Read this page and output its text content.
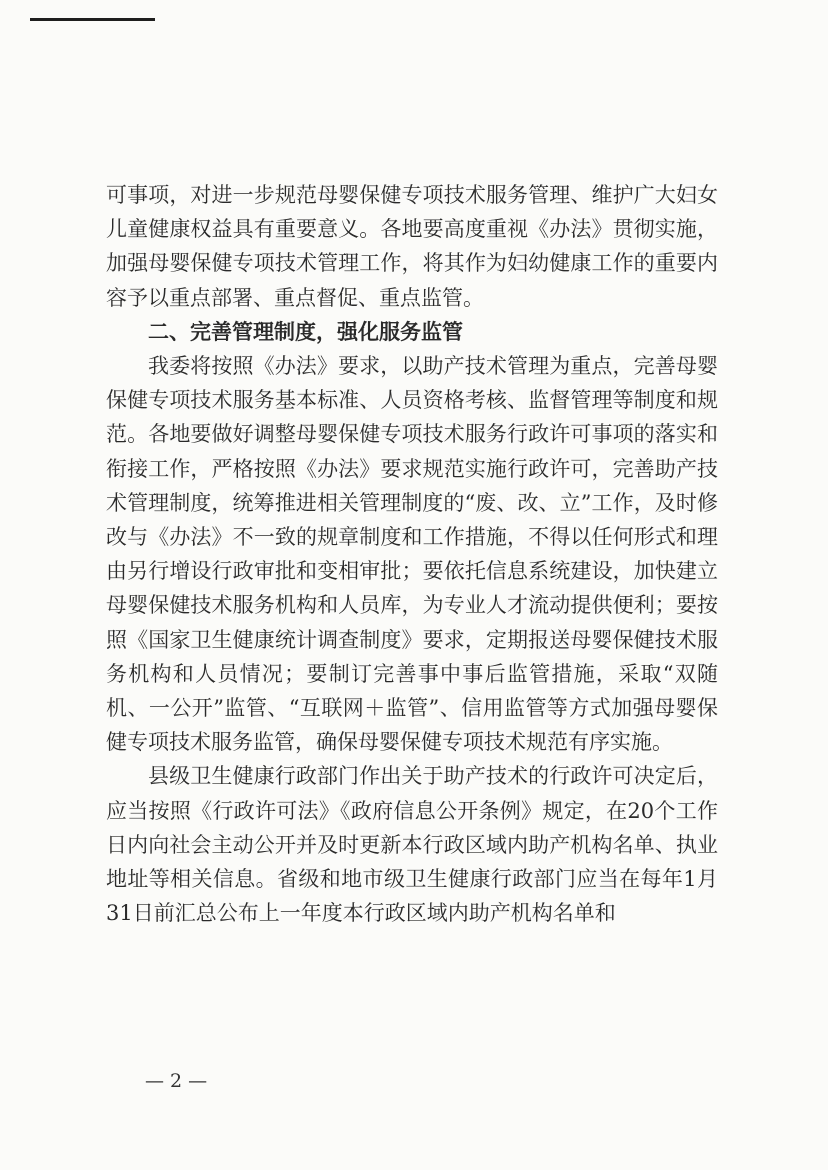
可事项，对进一步规范母婴保健专项技术服务管理、维护广大妇女儿童健康权益具有重要意义。各地要高度重视《办法》贯彻实施，加强母婴保健专项技术管理工作，将其作为妇幼健康工作的重要内容予以重点部署、重点督促、重点监管。

二、完善管理制度，强化服务监管

我委将按照《办法》要求，以助产技术管理为重点，完善母婴保健专项技术服务基本标准、人员资格考核、监督管理等制度和规范。各地要做好调整母婴保健专项技术服务行政许可事项的落实和衔接工作，严格按照《办法》要求规范实施行政许可，完善助产技术管理制度，统筹推进相关管理制度的“废、改、立”工作，及时修改与《办法》不一致的规章制度和工作措施，不得以任何形式和理由另行增设行政审批和变相审批；要依托信息系统建设，加快建立母婴保健技术服务机构和人员库，为专业人才流动提供便利；要按照《国家卫生健康统计调查制度》要求，定期报送母婴保健技术服务机构和人员情况；要制订完善事中事后监管措施，采取“双随机、一公开”监管、“互联网＋监管”、信用监管等方式加强母婴保健专项技术服务监管，确保母婴保健专项技术规范有序实施。

县级卫生健康行政部门作出关于助产技术的行政许可决定后，应当按照《行政许可法》《政府信息公开条例》规定，在20个工作日内向社会主动公开并及时更新本行政区域内助产机构名单、执业地址等相关信息。省级和地市级卫生健康行政部门应当在每年1月31日前汇总公布上一年度本行政区域内助产机构名单和

— 2 —
